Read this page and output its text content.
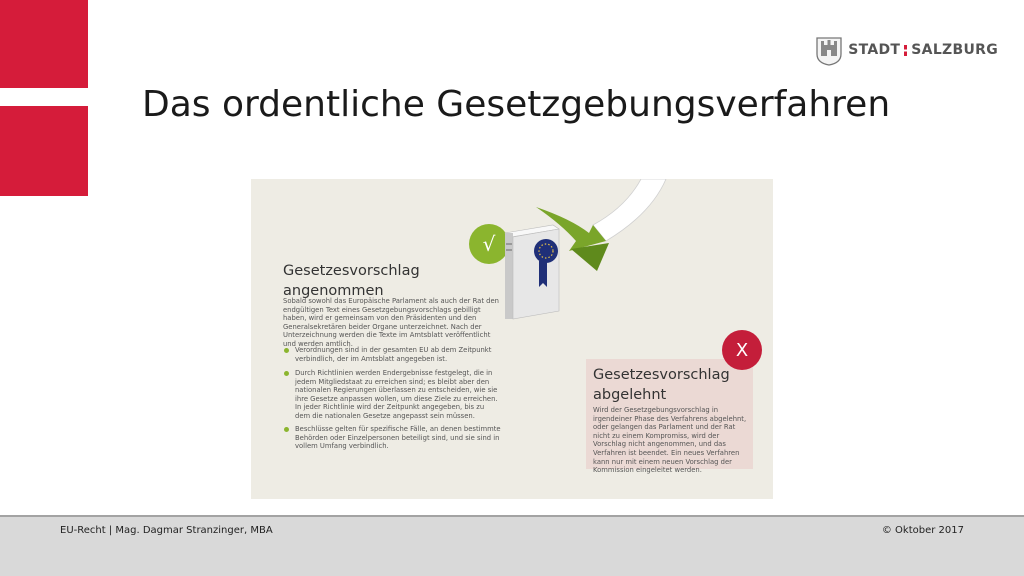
STADT SALZBURG
Das ordentliche Gesetzgebungsverfahren
√
Gesetzesvorschlag
angenommen
Sobald sowohl das Europäische Parlament als auch der Rat den endgültigen Text eines Gesetzgebungsvorschlags gebilligt haben, wird er gemeinsam von den Präsidenten und den Generalsekretären beider Organe unterzeichnet. Nach der Unterzeichnung werden die Texte im Amtsblatt veröffentlicht und werden amtlich.
Verordnungen sind in der gesamten EU ab dem Zeitpunkt verbindlich, der im Amtsblatt angegeben ist.
Durch Richtlinien werden Endergebnisse festgelegt, die in jedem Mitgliedstaat zu erreichen sind; es bleibt aber den nationalen Regierungen überlassen zu entscheiden, wie sie ihre Gesetze anpassen wollen, um diese Ziele zu erreichen. In jeder Richtlinie wird der Zeitpunkt angegeben, bis zu dem die nationalen Gesetze angepasst sein müssen.
Beschlüsse gelten für spezifische Fälle, an denen bestimmte Behörden oder Einzelpersonen beteiligt sind, und sie sind in vollem Umfang verbindlich.
Gesetzesvorschlag
abgelehnt
Wird der Gesetzgebungsvorschlag in irgendeiner Phase des Verfahrens abgelehnt, oder gelangen das Parlament und der Rat nicht zu einem Kompromiss, wird der Vorschlag nicht angenommen, und das Verfahren ist beendet. Ein neues Verfahren kann nur mit einem neuen Vorschlag der Kommission eingeleitet werden.
X
EU-Recht | Mag. Dagmar Stranzinger, MBA	© Oktober 2017
